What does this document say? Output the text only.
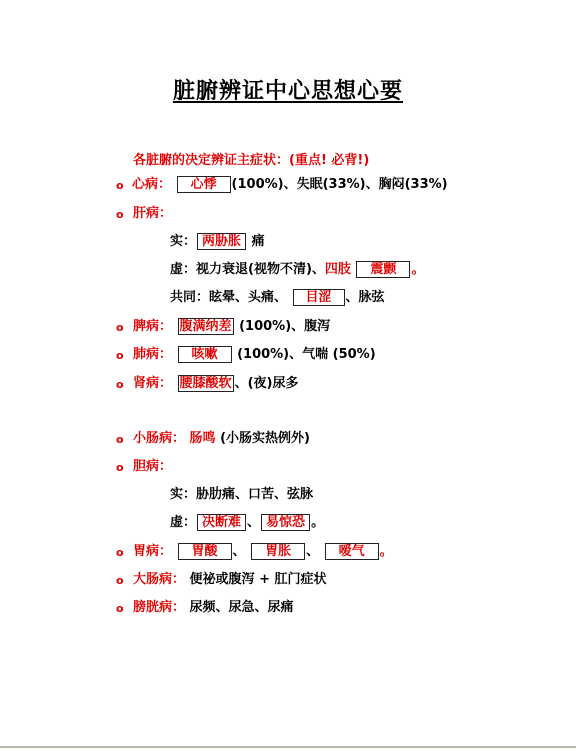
脏腑辨证中心思想心要
各脏腑的决定辨证主症状：(重点! 必背!)
o 心病： 心悸 (100%)、失眠(33%)、胸闷(33%)
o 肝病：
实： 两胁胀 痛
虚：视力衰退(视物不清)、四肢 震颤 。
共同：眩晕、头痛、 目涩 、脉弦
o 脾病： 腹满纳差 (100%)、腹泻
o 肺病： 咳嗽 (100%)、气喘 (50%)
o 肾病： 腰膝酸软 、(夜)尿多
o 小肠病： 肠鸣 (小肠实热例外)
o 胆病：
实：胁肋痛、口苦、弦脉
虚： 决断难 、 易惊恐 。
o 胃病： 胃酸 、 胃胀 、 嗳气 。
o 大肠病： 便祕或腹泻 + 肛门症状
o 膀胱病： 尿频、尿急、尿痛
